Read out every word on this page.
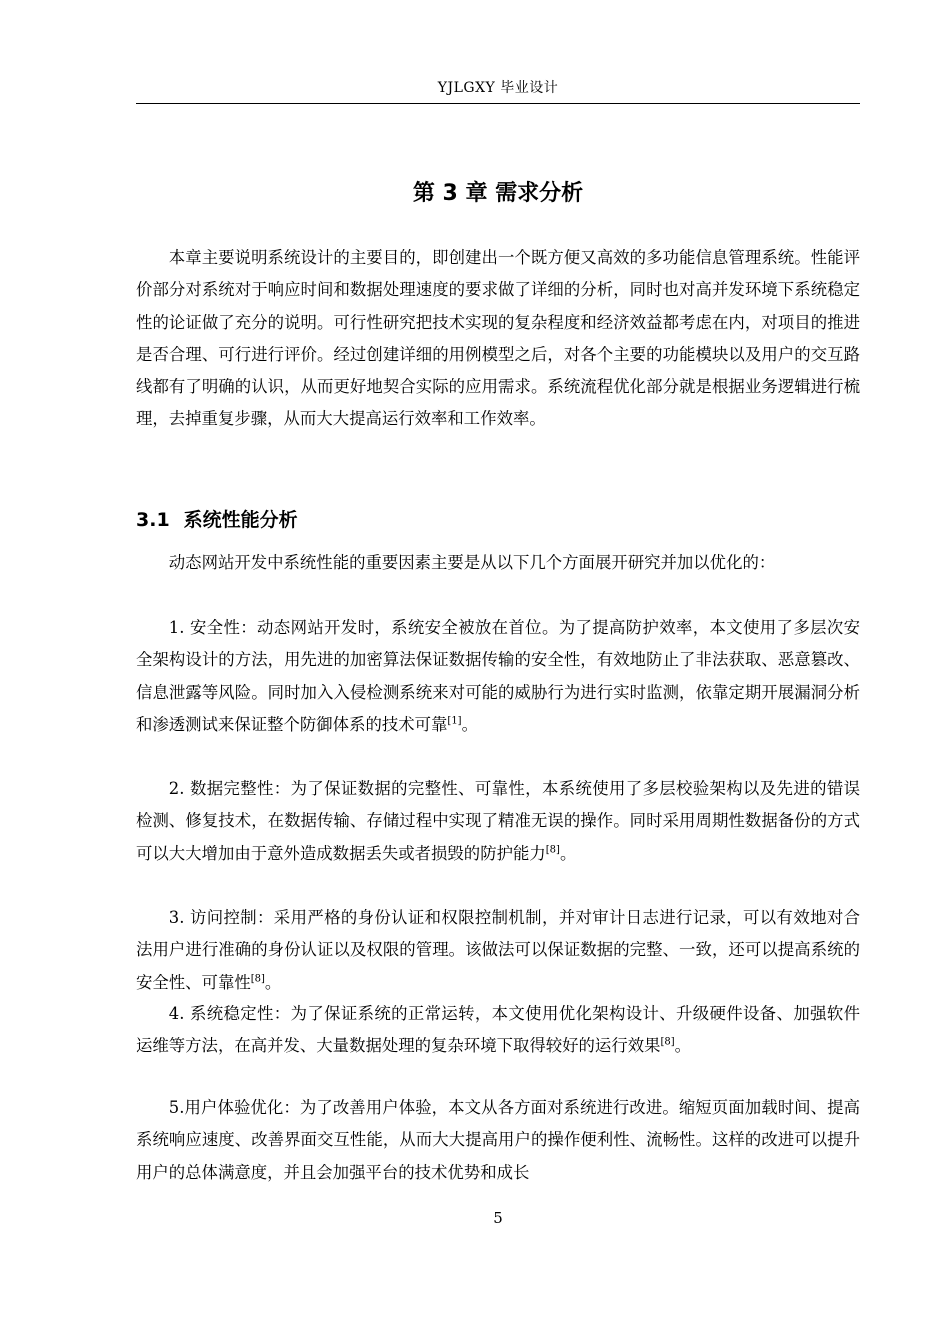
YJLGXY 毕业设计
第 3 章 需求分析

本章主要说明系统设计的主要目的，即创建出一个既方便又高效的多功能信息管理系统。性能评价部分对系统对于响应时间和数据处理速度的要求做了详细的分析，同时也对高并发环境下系统稳定性的论证做了充分的说明。可行性研究把技术实现的复杂程度和经济效益都考虑在内，对项目的推进是否合理、可行进行评价。经过创建详细的用例模型之后，对各个主要的功能模块以及用户的交互路线都有了明确的认识，从而更好地契合实际的应用需求。系统流程优化部分就是根据业务逻辑进行梳理，去掉重复步骤，从而大大提高运行效率和工作效率。

3.1 系统性能分析

动态网站开发中系统性能的重要因素主要是从以下几个方面展开研究并加以优化的：

1. 安全性：动态网站开发时，系统安全被放在首位。为了提高防护效率，本文使用了多层次安全架构设计的方法，用先进的加密算法保证数据传输的安全性，有效地防止了非法获取、恶意篡改、信息泄露等风险。同时加入入侵检测系统来对可能的威胁行为进行实时监测，依靠定期开展漏洞分析和渗透测试来保证整个防御体系的技术可靠[1]。

2. 数据完整性：为了保证数据的完整性、可靠性，本系统使用了多层校验架构以及先进的错误检测、修复技术，在数据传输、存储过程中实现了精准无误的操作。同时采用周期性数据备份的方式可以大大增加由于意外造成数据丢失或者损毁的防护能力[8]。

3. 访问控制：采用严格的身份认证和权限控制机制，并对审计日志进行记录，可以有效地对合法用户进行准确的身份认证以及权限的管理。该做法可以保证数据的完整、一致，还可以提高系统的安全性、可靠性[8]。

4. 系统稳定性：为了保证系统的正常运转，本文使用优化架构设计、升级硬件设备、加强软件运维等方法，在高并发、大量数据处理的复杂环境下取得较好的运行效果[8]。

5.用户体验优化：为了改善用户体验，本文从各方面对系统进行改进。缩短页面加载时间、提高系统响应速度、改善界面交互性能，从而大大提高用户的操作便利性、流畅性。这样的改进可以提升用户的总体满意度，并且会加强平台的技术优势和成长

5
